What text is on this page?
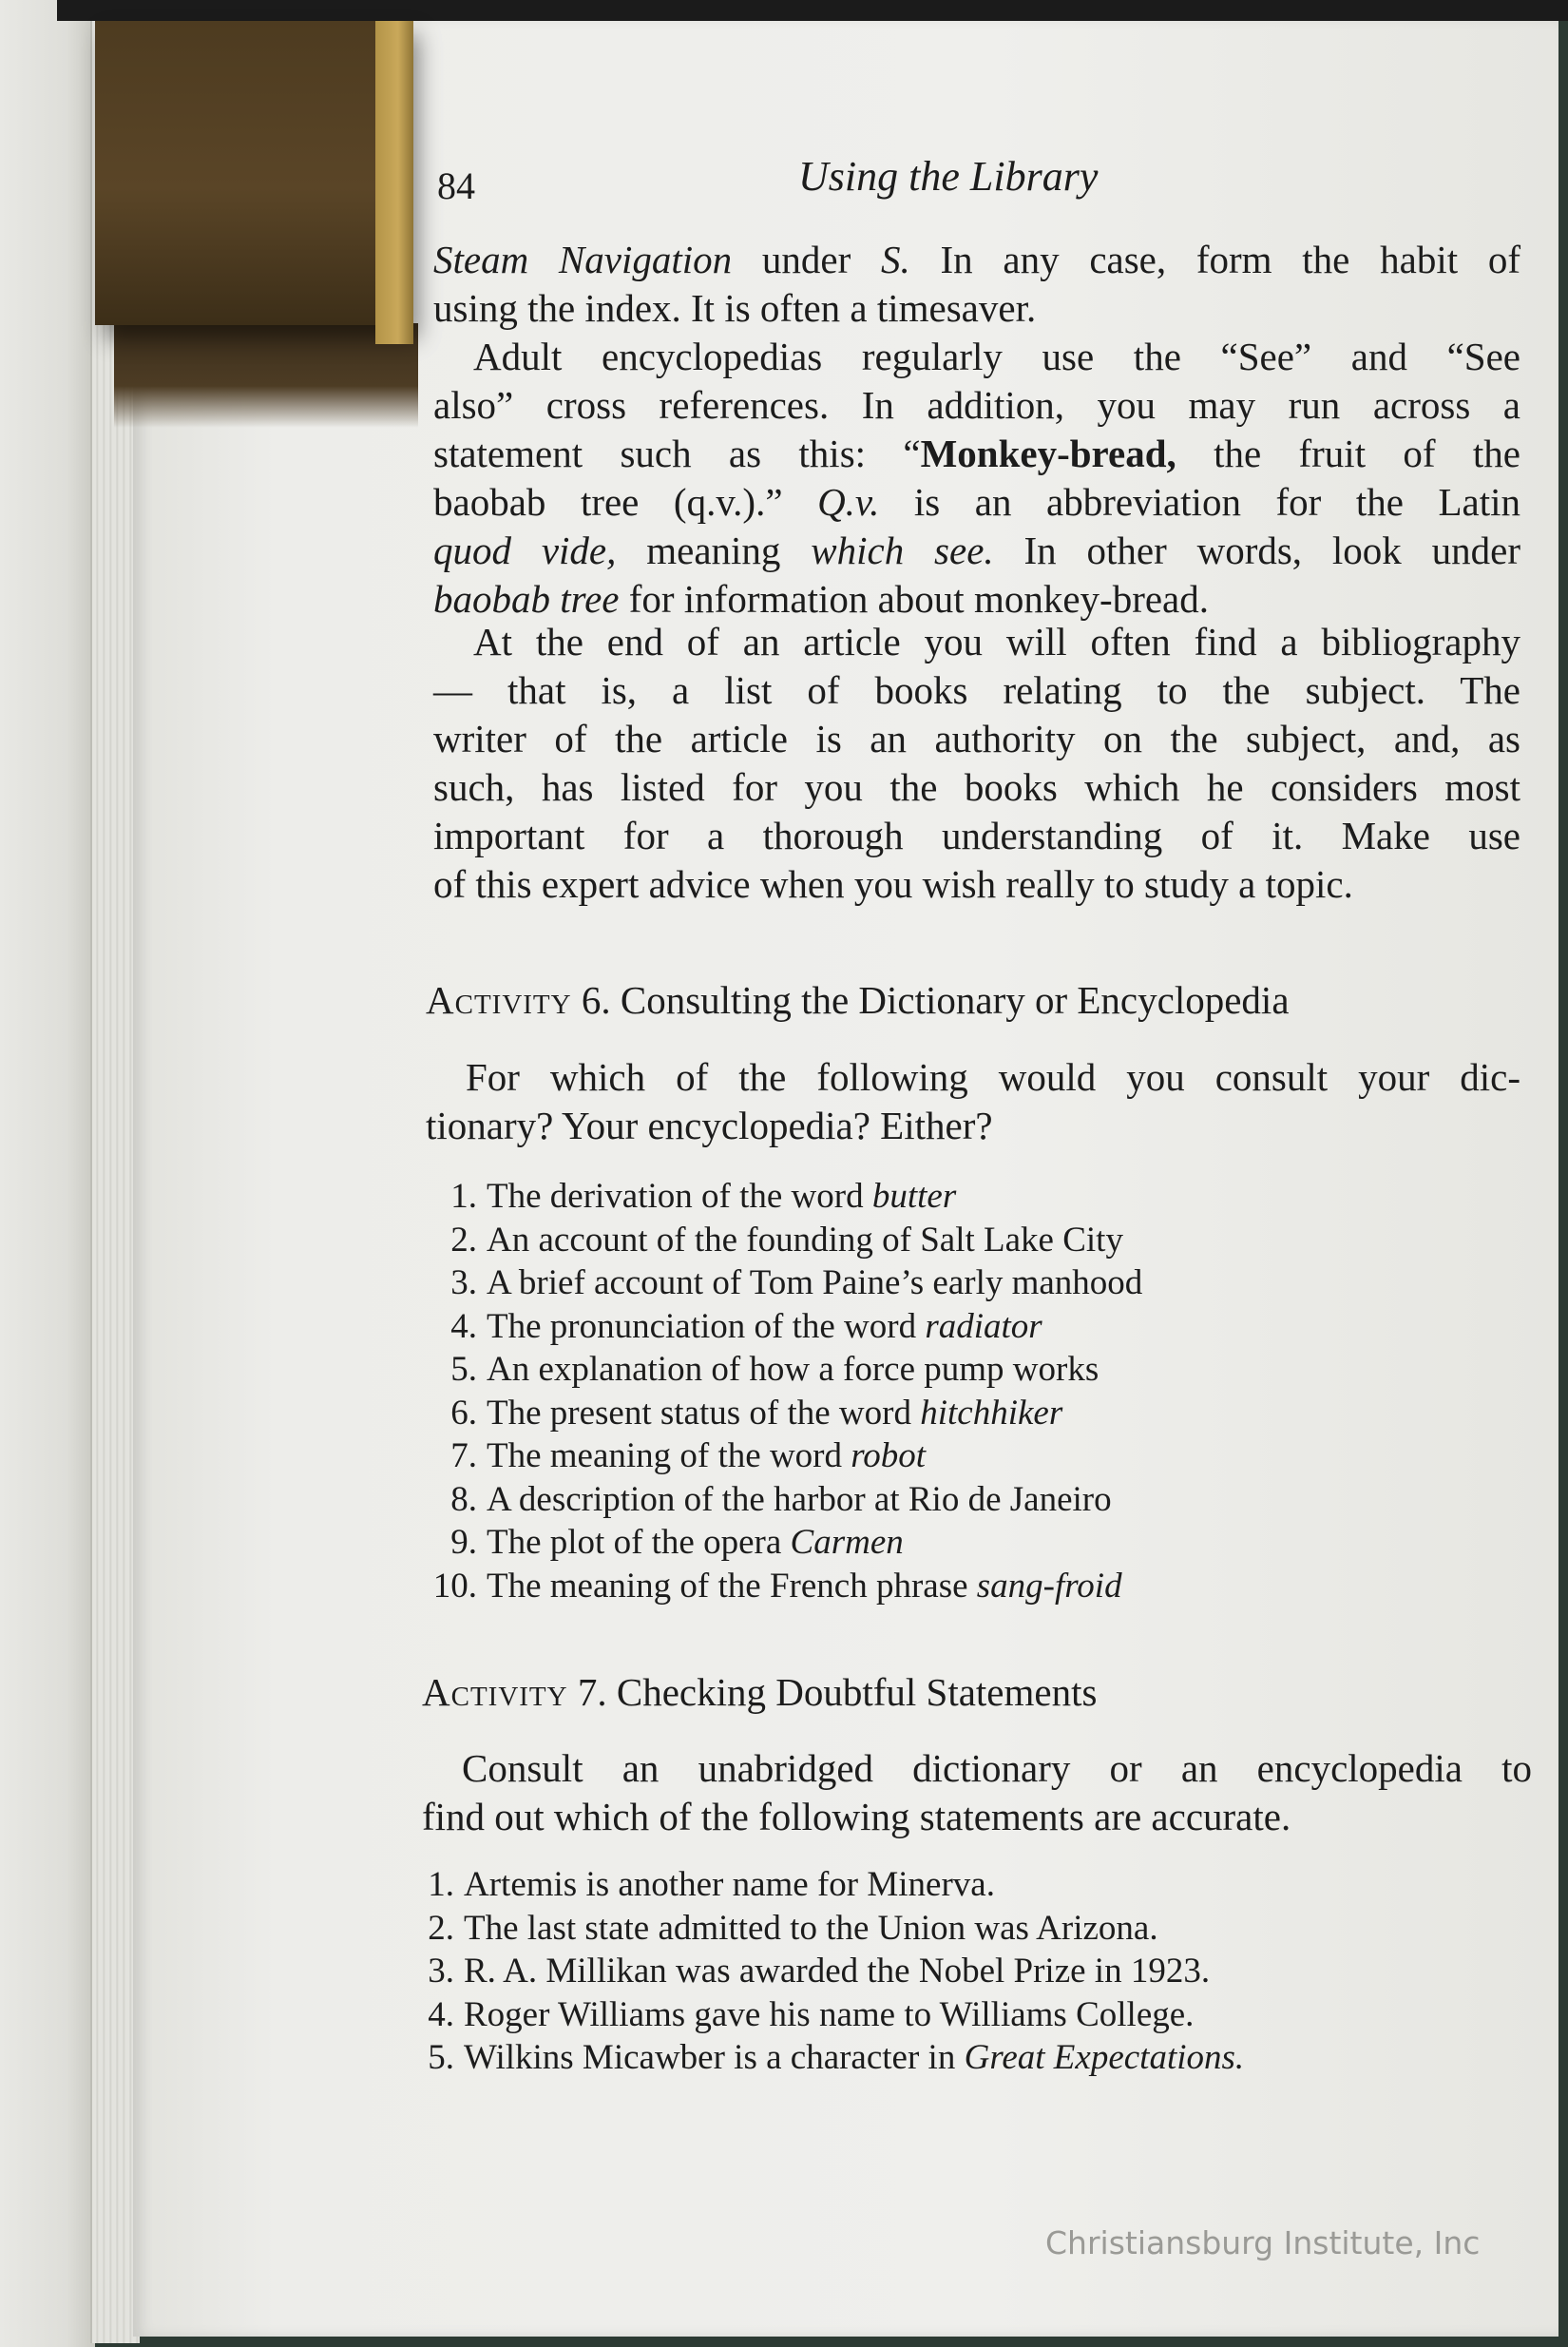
84	Using the Library
Steam Navigation under S. In any case, form the habit of
using the index. It is often a timesaver.
Adult encyclopedias regularly use the “See” and “See
also” cross references. In addition, you may run across a
statement such as this: “Monkey-bread, the fruit of the
baobab tree (q.v.).” Q.v. is an abbreviation for the Latin
quod vide, meaning which see. In other words, look under
baobab tree for information about monkey-bread.
At the end of an article you will often find a bibliography
— that is, a list of books relating to the subject. The
writer of the article is an authority on the subject, and, as
such, has listed for you the books which he considers most
important for a thorough understanding of it. Make use
of this expert advice when you wish really to study a topic.
Activity 6. Consulting the Dictionary or Encyclopedia
For which of the following would you consult your dic-
tionary? Your encyclopedia? Either?
1. The derivation of the word butter
2. An account of the founding of Salt Lake City
3. A brief account of Tom Paine’s early manhood
4. The pronunciation of the word radiator
5. An explanation of how a force pump works
6. The present status of the word hitchhiker
7. The meaning of the word robot
8. A description of the harbor at Rio de Janeiro
9. The plot of the opera Carmen
10. The meaning of the French phrase sang-froid
Activity 7. Checking Doubtful Statements
Consult an unabridged dictionary or an encyclopedia to
find out which of the following statements are accurate.
1. Artemis is another name for Minerva.
2. The last state admitted to the Union was Arizona.
3. R. A. Millikan was awarded the Nobel Prize in 1923.
4. Roger Williams gave his name to Williams College.
5. Wilkins Micawber is a character in Great Expectations.
Christiansburg Institute, Inc
